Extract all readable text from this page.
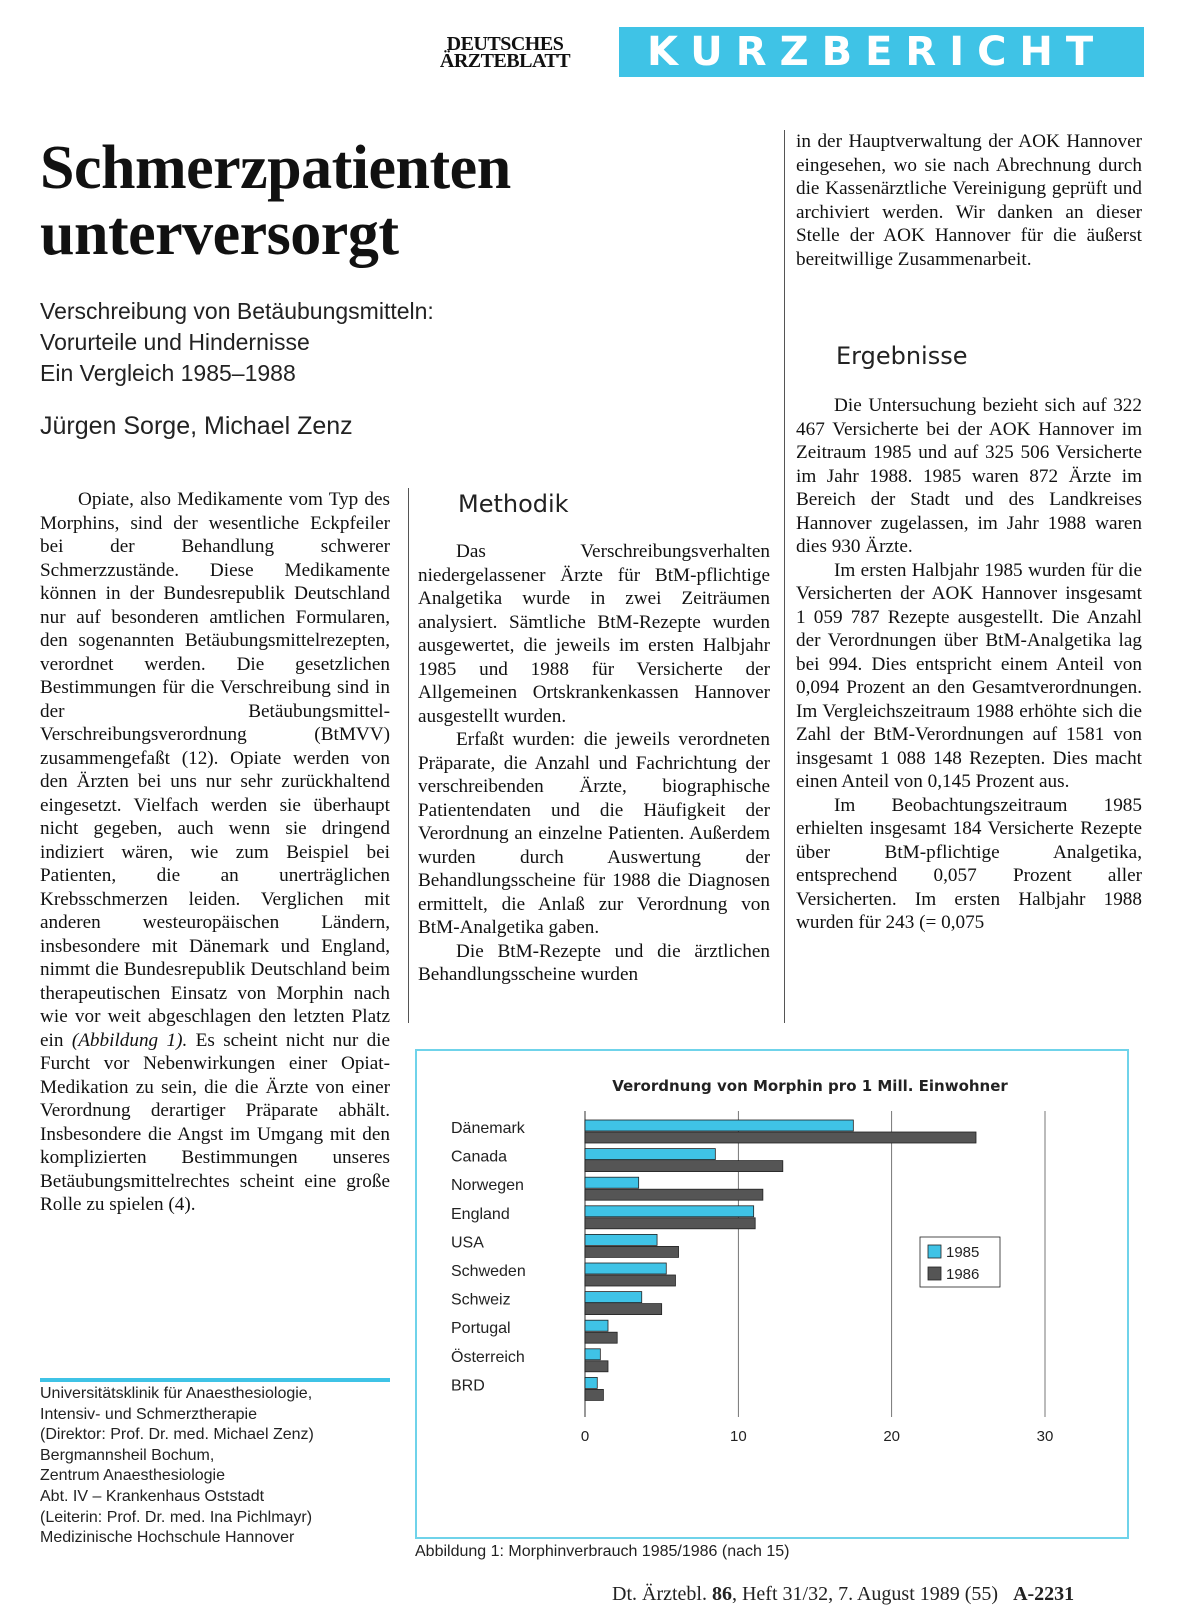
DEUTSCHES
ÄRZTEBLATT	KURZBERICHT
Schmerzpatienten
unterversorgt
Verschreibung von Betäubungsmitteln:
Vorurteile und Hindernisse
Ein Vergleich 1985–1988
Jürgen Sorge, Michael Zenz

Opiate, also Medikamente vom Typ des Morphins, sind der wesentliche Eckpfeiler bei der Behandlung schwerer Schmerzzustände. Diese Medikamente können in der Bundesrepublik Deutschland nur auf besonderen amtlichen Formularen, den sogenannten Betäubungsmittelrezepten, verordnet werden. Die gesetzlichen Bestimmungen für die Verschreibung sind in der Betäubungsmittel-Verschreibungsverordnung (BtMVV) zusammengefaßt (12). Opiate werden von den Ärzten bei uns nur sehr zurückhaltend eingesetzt. Vielfach werden sie überhaupt nicht gegeben, auch wenn sie dringend indiziert wären, wie zum Beispiel bei Patienten, die an unerträglichen Krebsschmerzen leiden. Verglichen mit anderen westeuropäischen Ländern, insbesondere mit Dänemark und England, nimmt die Bundesrepublik Deutschland beim therapeutischen Einsatz von Morphin nach wie vor weit abgeschlagen den letzten Platz ein (Abbildung 1). Es scheint nicht nur die Furcht vor Nebenwirkungen einer Opiat-Medikation zu sein, die die Ärzte von einer Verordnung derartiger Präparate abhält. Insbesondere die Angst im Umgang mit den komplizierten Bestimmungen unseres Betäubungsmittelrechtes scheint eine große Rolle zu spielen (4).

Methodik

Das Verschreibungsverhalten niedergelassener Ärzte für BtM-pflichtige Analgetika wurde in zwei Zeiträumen analysiert. Sämtliche BtM-Rezepte wurden ausgewertet, die jeweils im ersten Halbjahr 1985 und 1988 für Versicherte der Allgemeinen Ortskrankenkassen Hannover ausgestellt wurden.

Erfaßt wurden: die jeweils verordneten Präparate, die Anzahl und Fachrichtung der verschreibenden Ärzte, biographische Patientendaten und die Häufigkeit der Verordnung an einzelne Patienten. Außerdem wurden durch Auswertung der Behandlungsscheine für 1988 die Diagnosen ermittelt, die Anlaß zur Verordnung von BtM-Analgetika gaben.

Die BtM-Rezepte und die ärztlichen Behandlungsscheine wurden

in der Hauptverwaltung der AOK Hannover eingesehen, wo sie nach Abrechnung durch die Kassenärztliche Vereinigung geprüft und archiviert werden. Wir danken an dieser Stelle der AOK Hannover für die äußerst bereitwillige Zusammenarbeit.

Ergebnisse

Die Untersuchung bezieht sich auf 322 467 Versicherte bei der AOK Hannover im Zeitraum 1985 und auf 325 506 Versicherte im Jahr 1988. 1985 waren 872 Ärzte im Bereich der Stadt und des Landkreises Hannover zugelassen, im Jahr 1988 waren dies 930 Ärzte.

Im ersten Halbjahr 1985 wurden für die Versicherten der AOK Hannover insgesamt 1 059 787 Rezepte ausgestellt. Die Anzahl der Verordnungen über BtM-Analgetika lag bei 994. Dies entspricht einem Anteil von 0,094 Prozent an den Gesamtverordnungen. Im Vergleichszeitraum 1988 erhöhte sich die Zahl der BtM-Verordnungen auf 1581 von insgesamt 1 088 148 Rezepten. Dies macht einen Anteil von 0,145 Prozent aus.

Im Beobachtungszeitraum 1985 erhielten insgesamt 184 Versicherte Rezepte über BtM-pflichtige Analgetika, entsprechend 0,057 Prozent aller Versicherten. Im ersten Halbjahr 1988 wurden für 243 (= 0,075

Universitätsklinik für Anaesthesiologie,
Intensiv- und Schmerztherapie
(Direktor: Prof. Dr. med. Michael Zenz)
Bergmannsheil Bochum,
Zentrum Anaesthesiologie
Abt. IV – Krankenhaus Oststadt
(Leiterin: Prof. Dr. med. Ina Pichlmayr)
Medizinische Hochschule Hannover
Verordnung von Morphin pro 1 Mill. Einwohner
0	10	20	30
Dänemark
Canada
Norwegen
England
USA
Schweden
Schweiz
Portugal
Österreich
BRD
1985
1986
Abbildung 1: Morphinverbrauch 1985/1986 (nach 15)
Dt. Ärztebl. 86, Heft 31/32, 7. August 1989 (55) A-2231
